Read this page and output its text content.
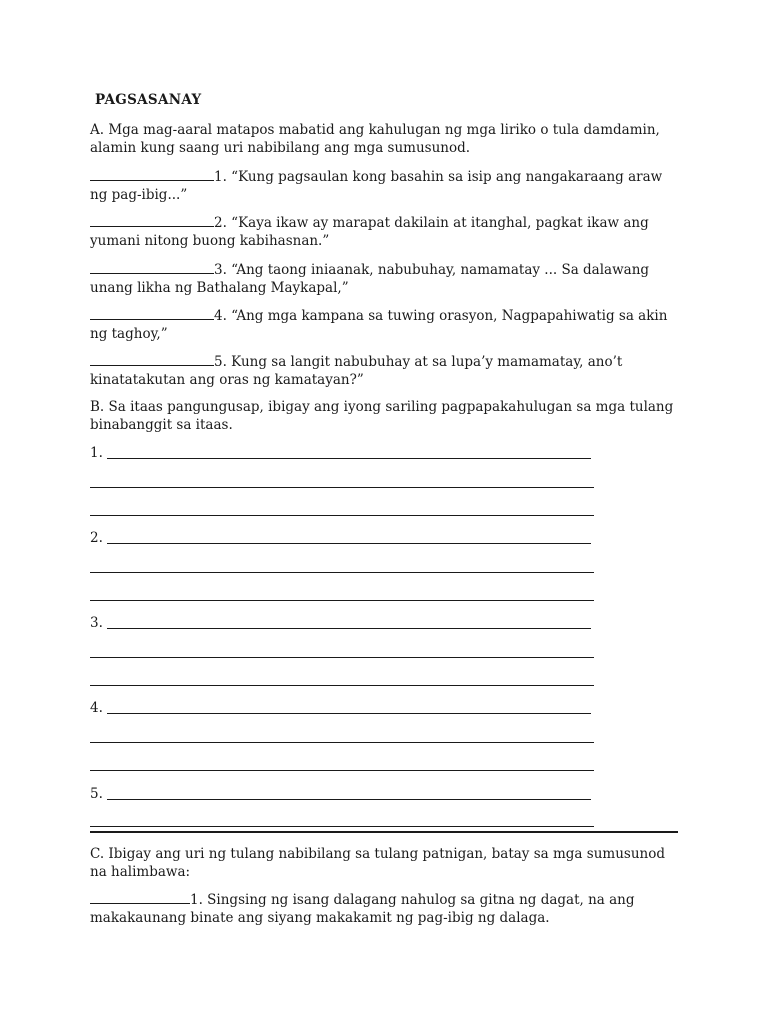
PAGSASANAY
A. Mga mag-aaral matapos mabatid ang kahulugan ng mga liriko o tula damdamin,
alamin kung saang uri nabibilang ang mga sumusunod.
1. “Kung pagsaulan kong basahin sa isip ang nangakaraang araw
ng pag-ibig...”
2. “Kaya ikaw ay marapat dakilain at itanghal, pagkat ikaw ang
yumani nitong buong kabihasnan.”
3. “Ang taong iniaanak, nabubuhay, namamatay ... Sa dalawang
unang likha ng Bathalang Maykapal,”
4. “Ang mga kampana sa tuwing orasyon, Nagpapahiwatig sa akin
ng taghoy,”
5. Kung sa langit nabubuhay at sa lupa’y mamamatay, ano’t
kinatatakutan ang oras ng kamatayan?”
B. Sa itaas pangungusap, ibigay ang iyong sariling pagpapakahulugan sa mga tulang
binabanggit sa itaas.
1.
2.
3.
4.
5.
C. Ibigay ang uri ng tulang nabibilang sa tulang patnigan, batay sa mga sumusunod
na halimbawa:
1. Singsing ng isang dalagang nahulog sa gitna ng dagat, na ang
makakaunang binate ang siyang makakamit ng pag-ibig ng dalaga.
